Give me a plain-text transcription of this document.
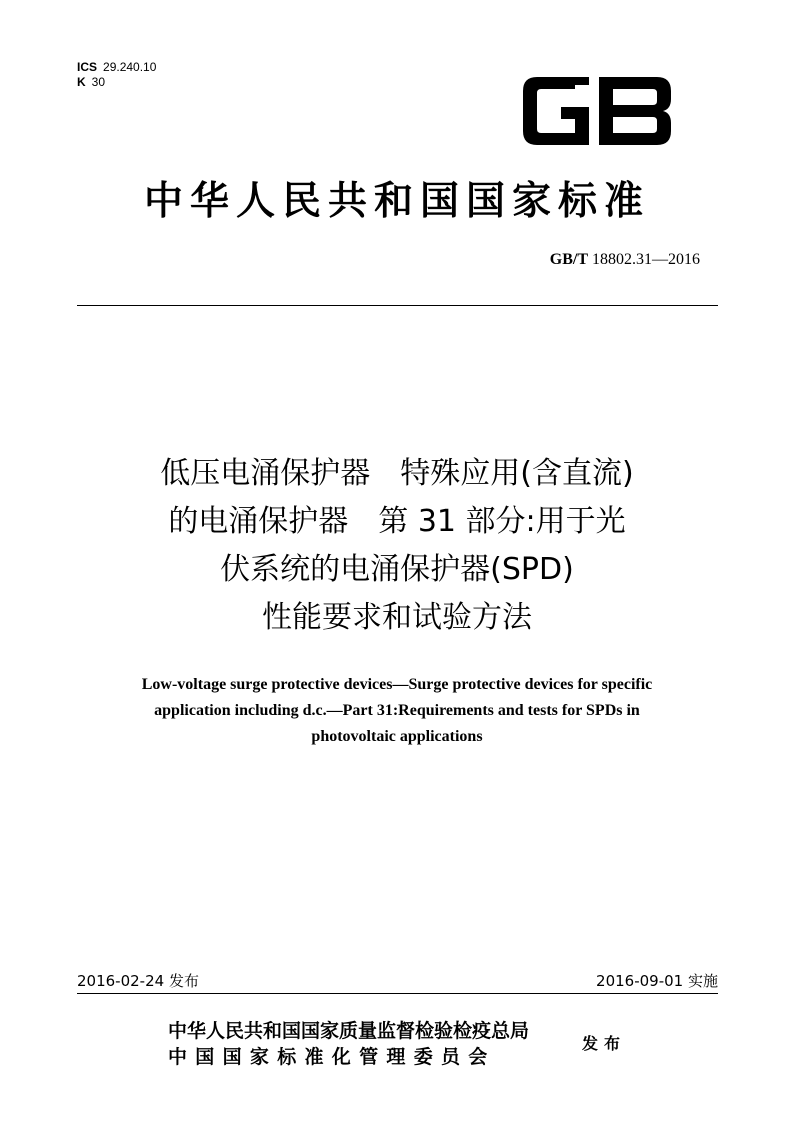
ICS 29.240.10
K 30
中华人民共和国国家标准
GB/T 18802.31—2016
低压电涌保护器　特殊应用(含直流)
的电涌保护器　第 31 部分:用于光
伏系统的电涌保护器(SPD)
性能要求和试验方法
Low-voltage surge protective devices—Surge protective devices for specific
application including d.c.—Part 31:Requirements and tests for SPDs in
photovoltaic applications
2016-02-24 发布	2016-09-01 实施
中华人民共和国国家质量监督检验检疫总局
中国国家标准化管理委员会
发布
